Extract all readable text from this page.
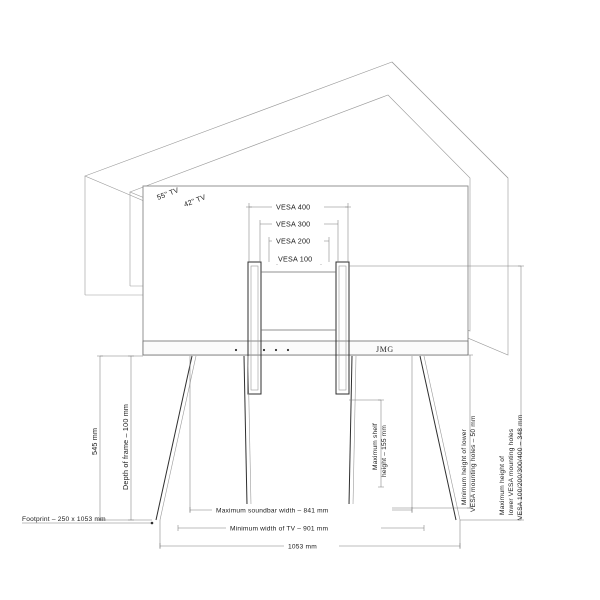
JMG
VESA 400
VESA 300
VESA 200
VESA 100
55" TV 42" TV
545 mm	Depth of frame – 100 mm	Maximum shelf height – 155 mm	Minimum height of lower VESA mounting holes – 50 mm	Maximum height of lower VESA mounting holes VESA 100/200/300/400 – 348 mm
Footprint – 250 x 1053 mm
Maximum soundbar width – 841 mm
Minimum width of TV – 901 mm
1053 mm
